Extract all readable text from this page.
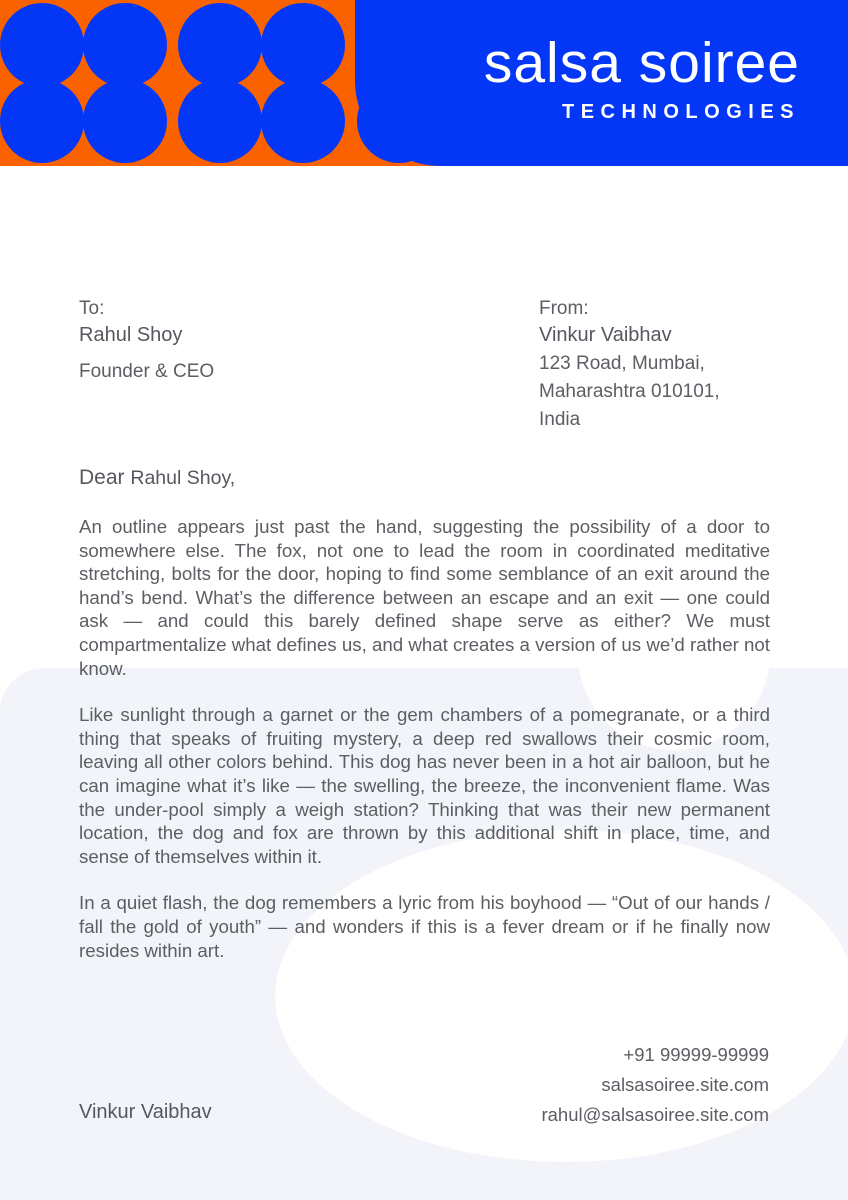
salsa soiree
TECHNOLOGIES
To:
Rahul Shoy
Founder & CEO
From:
Vinkur Vaibhav
123 Road, Mumbai,
Maharashtra 010101,
India
Dear Rahul Shoy,

An outline appears just past the hand, suggesting the possibility of a door to somewhere else. The fox, not one to lead the room in coordinated meditative stretching, bolts for the door, hoping to find some semblance of an exit around the hand’s bend. What’s the difference between an escape and an exit — one could ask — and could this barely defined shape serve as either? We must compartmentalize what defines us, and what creates a version of us we’d rather not know.

Like sunlight through a garnet or the gem chambers of a pomegranate, or a third thing that speaks of fruiting mystery, a deep red swallows their cosmic room, leaving all other colors behind. This dog has never been in a hot air balloon, but he can imagine what it’s like — the swelling, the breeze, the inconvenient flame. Was the under-pool simply a weigh station? Thinking that was their new permanent location, the dog and fox are thrown by this additional shift in place, time, and sense of themselves within it.

In a quiet flash, the dog remembers a lyric from his boyhood — “Out of our hands / fall the gold of youth” — and wonders if this is a fever dream or if he finally now resides within art.

+91 99999-99999
salsasoiree.site.com
rahul@salsasoiree.site.com
Vinkur Vaibhav
